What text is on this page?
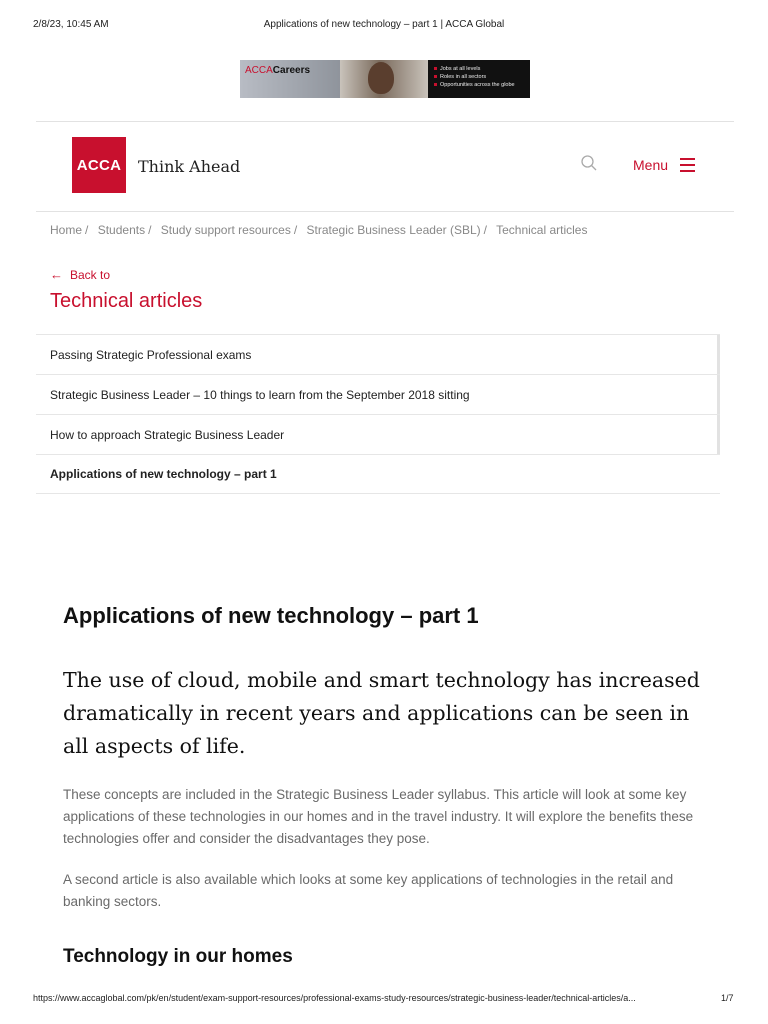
2/8/23, 10:45 AM	Applications of new technology – part 1 | ACCA Global
ACCACareers	Jobs at all levels
Roles in all sectors
Opportunities across the globe
ACCA Think Ahead	Menu
Home / Students / Study support resources / Strategic Business Leader (SBL) / Technical articles
← Back to
Technical articles
Passing Strategic Professional exams
Strategic Business Leader – 10 things to learn from the September 2018 sitting
How to approach Strategic Business Leader
Applications of new technology – part 1
Applications of new technology – part 1

The use of cloud, mobile and smart technology has increased dramatically in recent years and applications can be seen in all aspects of life.

These concepts are included in the Strategic Business Leader syllabus. This article will look at some key applications of these technologies in our homes and in the travel industry. It will explore the benefits these technologies offer and consider the disadvantages they pose.

A second article is also available which looks at some key applications of technologies in the retail and banking sectors.

Technology in our homes
https://www.accaglobal.com/pk/en/student/exam-support-resources/professional-exams-study-resources/strategic-business-leader/technical-articles/a...	1/7
